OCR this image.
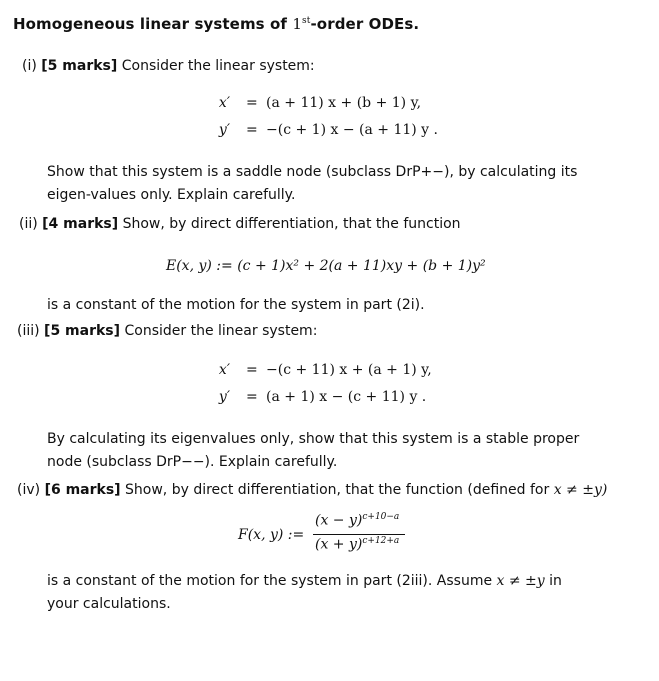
Homogeneous linear systems of 1st-order ODEs.
(i) [5 marks] Consider the linear system:
x′ = (a + 11) x + (b + 1) y,
y′ = −(c + 1) x − (a + 11) y .
Show that this system is a saddle node (subclass DrP+−), by calculating its eigen-values only. Explain carefully.
(ii) [4 marks] Show, by direct differentiation, that the function
E(x, y) := (c + 1)x² + 2(a + 11)xy + (b + 1)y²
is a constant of the motion for the system in part (2i).
(iii) [5 marks] Consider the linear system:
x′ = −(c + 11) x + (a + 1) y,
y′ = (a + 1) x − (c + 11) y .
By calculating its eigenvalues only, show that this system is a stable proper node (subclass DrP−−). Explain carefully.
(iv) [6 marks] Show, by direct differentiation, that the function (defined for x ≠ ±y)
F(x, y) :=
$(x - y)^{c+10-a}$
$(x + y)^{c+12+a}$
is a constant of the motion for the system in part (2iii). Assume x ≠ ±y in your calculations.
